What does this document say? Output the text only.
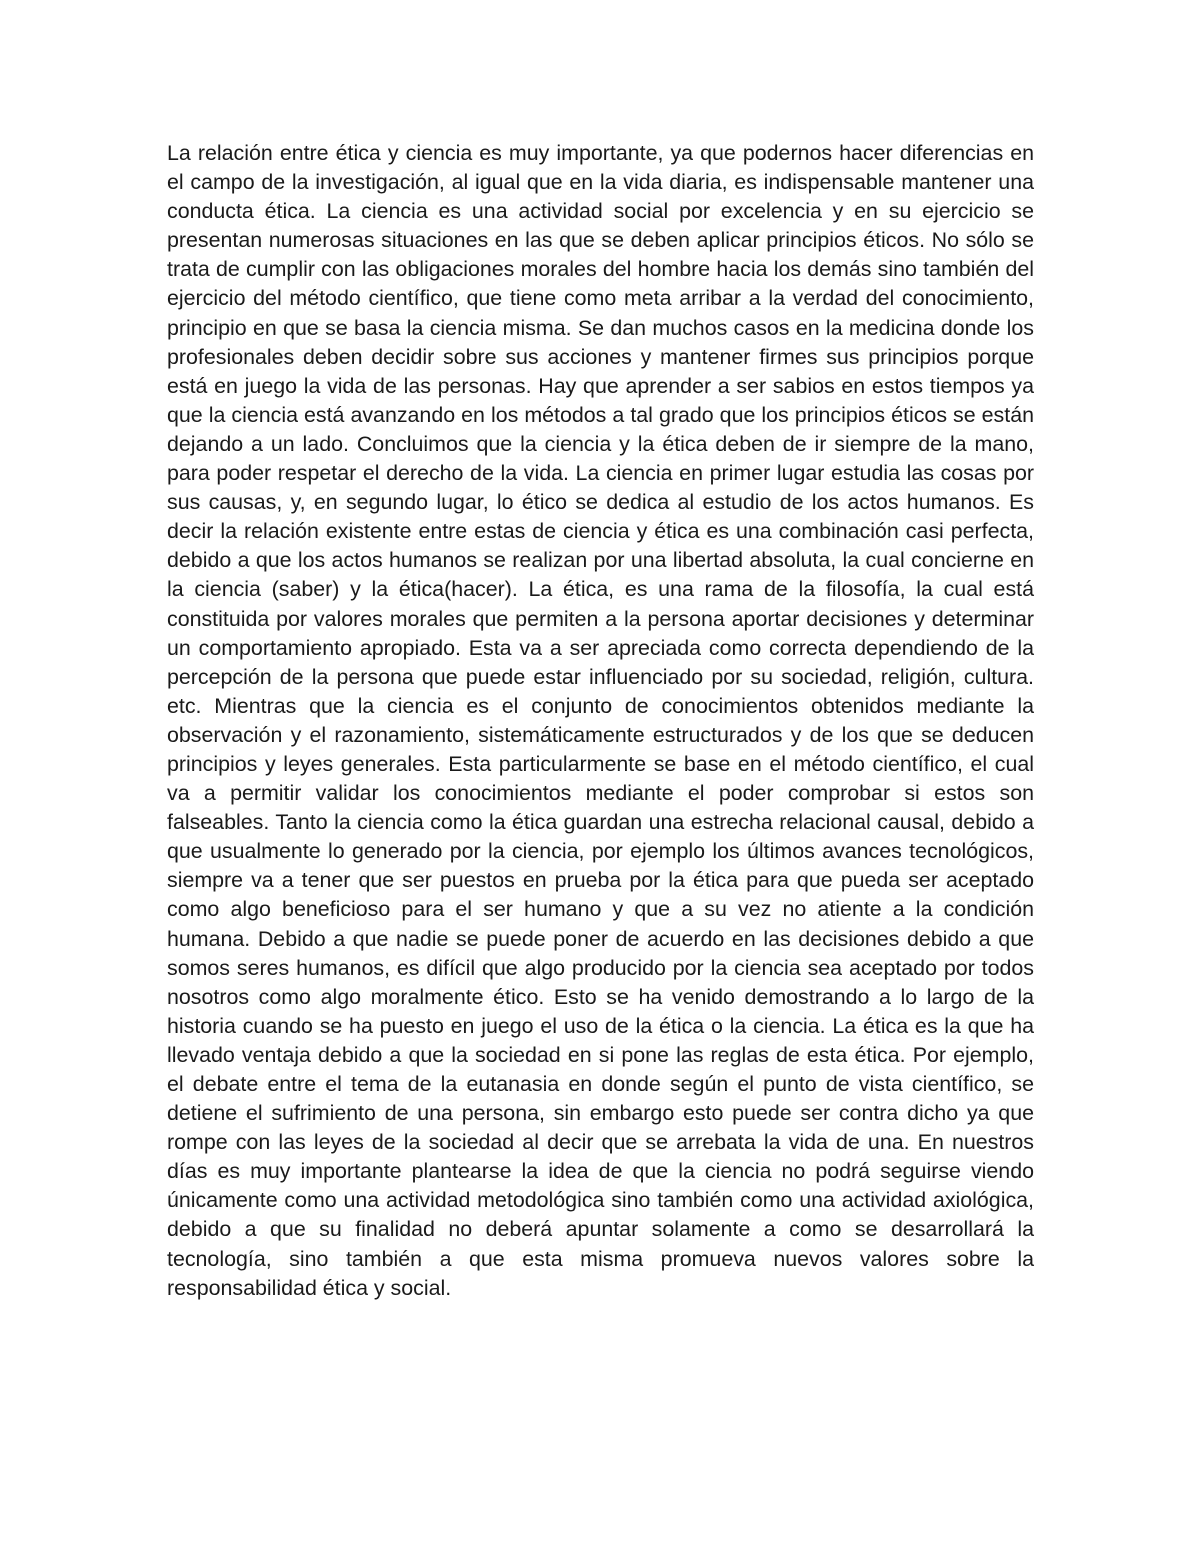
La relación entre ética y ciencia es muy importante, ya que podernos hacer diferencias en el campo de la investigación, al igual que en la vida diaria, es indispensable mantener una conducta ética. La ciencia es una actividad social por excelencia y en su ejercicio se presentan numerosas situaciones en las que se deben aplicar principios éticos. No sólo se trata de cumplir con las obligaciones morales del hombre hacia los demás sino también del ejercicio del método científico, que tiene como meta arribar a la verdad del conocimiento, principio en que se basa la ciencia misma. Se dan muchos casos en la medicina donde los profesionales deben decidir sobre sus acciones y mantener firmes sus principios porque está en juego la vida de las personas. Hay que aprender a ser sabios en estos tiempos ya que la ciencia está avanzando en los métodos a tal grado que los principios éticos se están dejando a un lado. Concluimos que la ciencia y la ética deben de ir siempre de la mano, para poder respetar el derecho de la vida. La ciencia en primer lugar estudia las cosas por sus causas, y, en segundo lugar, lo ético se dedica al estudio de los actos humanos. Es decir la relación existente entre estas de ciencia y ética es una combinación casi perfecta, debido a que los actos humanos se realizan por una libertad absoluta, la cual concierne en la ciencia (saber) y la ética(hacer). La ética, es una rama de la filosofía, la cual está constituida por valores morales que permiten a la persona aportar decisiones y determinar un comportamiento apropiado. Esta va a ser apreciada como correcta dependiendo de la percepción de la persona que puede estar influenciado por su sociedad, religión, cultura. etc. Mientras que la ciencia es el conjunto de conocimientos obtenidos mediante la observación y el razonamiento, sistemáticamente estructurados y de los que se deducen principios y leyes generales. Esta particularmente se base en el método científico, el cual va a permitir validar los conocimientos mediante el poder comprobar si estos son falseables. Tanto la ciencia como la ética guardan una estrecha relacional causal, debido a que usualmente lo generado por la ciencia, por ejemplo los últimos avances tecnológicos, siempre va a tener que ser puestos en prueba por la ética para que pueda ser aceptado como algo beneficioso para el ser humano y que a su vez no atiente a la condición humana. Debido a que nadie se puede poner de acuerdo en las decisiones debido a que somos seres humanos, es difícil que algo producido por la ciencia sea aceptado por todos nosotros como algo moralmente ético. Esto se ha venido demostrando a lo largo de la historia cuando se ha puesto en juego el uso de la ética o la ciencia. La ética es la que ha llevado ventaja debido a que la sociedad en si pone las reglas de esta ética. Por ejemplo, el debate entre el tema de la eutanasia en donde según el punto de vista científico, se detiene el sufrimiento de una persona, sin embargo esto puede ser contra dicho ya que rompe con las leyes de la sociedad al decir que se arrebata la vida de una. En nuestros días es muy importante plantearse la idea de que la ciencia no podrá seguirse viendo únicamente como una actividad metodológica sino también como una actividad axiológica, debido a que su finalidad no deberá apuntar solamente a como se desarrollará la tecnología, sino también a que esta misma promueva nuevos valores sobre la responsabilidad ética y social.
